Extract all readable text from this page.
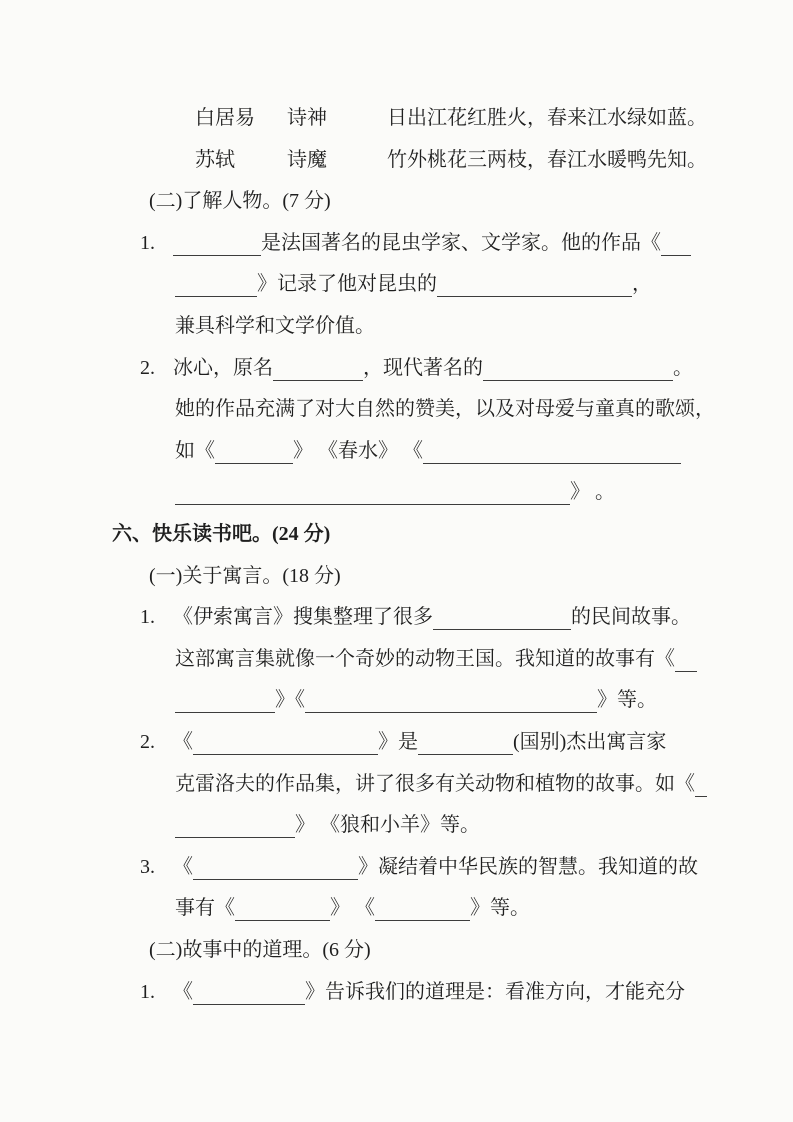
白居易 诗神	日出江花红胜火，春来江水绿如蓝。
苏轼	诗魔	竹外桃花三两枝，春江水暖鸭先知。
(二)了解人物。(7 分)
1.	是法国著名的昆虫学家、文学家。他的作品《
》记录了他对昆虫的	，
兼具科学和文学价值。
2. 冰心，原名	，现代著名的	。
她的作品充满了对大自然的赞美，以及对母爱与童真的歌颂，
如《	》 《春水》 《
》 。
六、快乐读书吧。(24 分)
(一)关于寓言。(18 分)
1. 《伊索寓言》搜集整理了很多	的民间故事。
这部寓言集就像一个奇妙的动物王国。我知道的故事有《
》《	》等。
2. 《	》是	(国别)杰出寓言家
克雷洛夫的作品集，讲了很多有关动物和植物的故事。如《
》 《狼和小羊》等。
3. 《	》凝结着中华民族的智慧。我知道的故
事有《	》 《	》等。
(二)故事中的道理。(6 分)
1. 《	》告诉我们的道理是：看准方向，才能充分
